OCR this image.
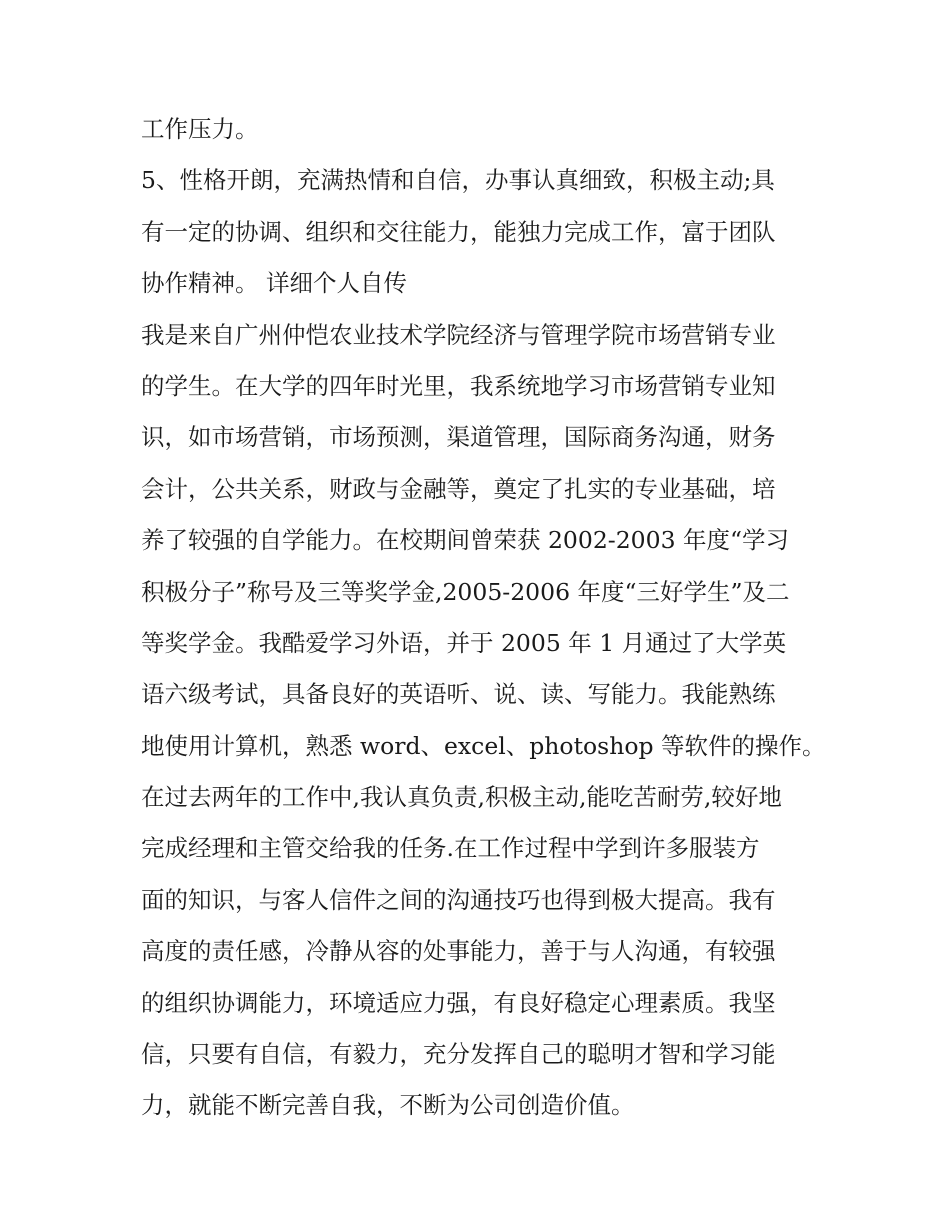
工作压力。
5、性格开朗，充满热情和自信，办事认真细致，积极主动;具
有一定的协调、组织和交往能力，能独力完成工作，富于团队
协作精神。 详细个人自传
我是来自广州仲恺农业技术学院经济与管理学院市场营销专业
的学生。在大学的四年时光里，我系统地学习市场营销专业知
识，如市场营销，市场预测，渠道管理，国际商务沟通，财务
会计，公共关系，财政与金融等，奠定了扎实的专业基础，培
养了较强的自学能力。在校期间曾荣获 2002-2003 年度“学习
积极分子”称号及三等奖学金,2005-2006 年度“三好学生”及二
等奖学金。我酷爱学习外语，并于 2005 年 1 月通过了大学英
语六级考试，具备良好的英语听、说、读、写能力。我能熟练
地使用计算机，熟悉 word、excel、photoshop 等软件的操作。
在过去两年的工作中,我认真负责,积极主动,能吃苦耐劳,较好地
完成经理和主管交给我的任务.在工作过程中学到许多服装方
面的知识，与客人信件之间的沟通技巧也得到极大提高。我有
高度的责任感，冷静从容的处事能力，善于与人沟通，有较强
的组织协调能力，环境适应力强，有良好稳定心理素质。我坚
信，只要有自信，有毅力，充分发挥自己的聪明才智和学习能
力，就能不断完善自我，不断为公司创造价值。
